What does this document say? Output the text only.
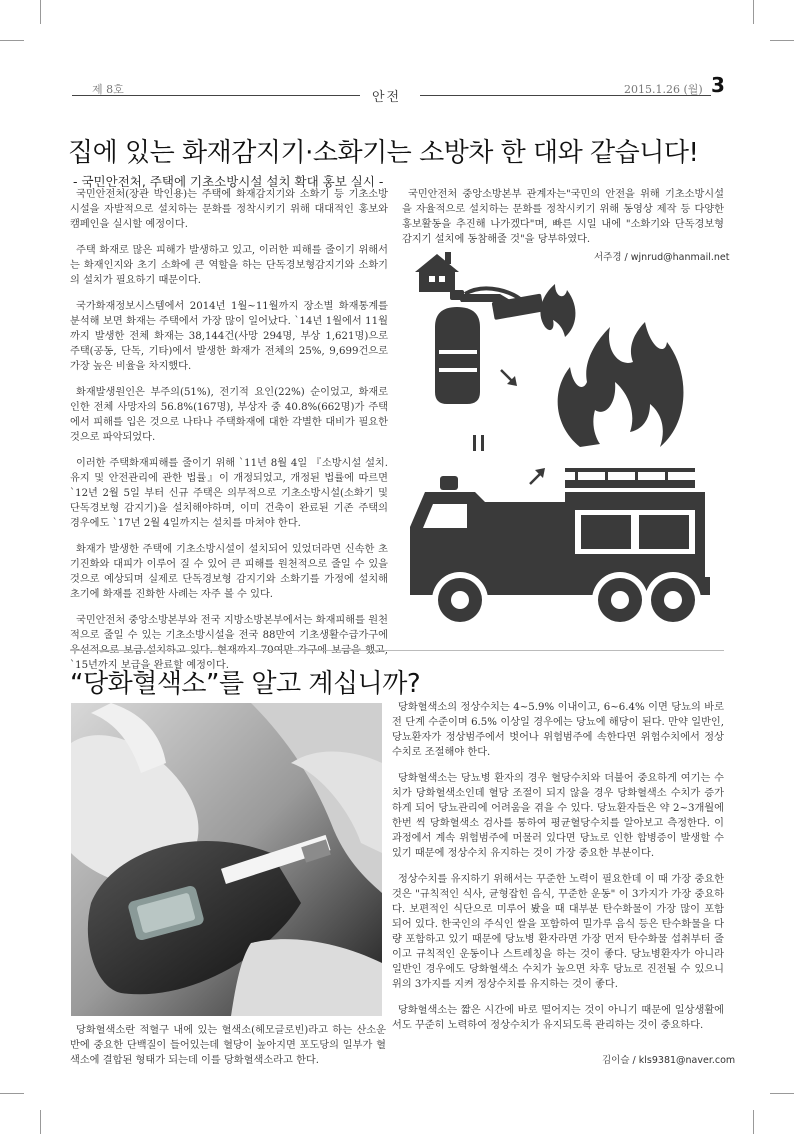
제 8호
안전
2015.1.26 (월) 3
집에 있는 화재감지기·소화기는 소방차 한 대와 같습니다!
- 국민안전처, 주택에 기초소방시설 설치 확대 홍보 실시 -

국민안전처(장관 박인용)는 주택에 화재감지기와 소화기 등 기초소방시설을 자발적으로 설치하는 문화를 정착시키기 위해 대대적인 홍보와 캠페인을 실시할 예정이다.

주택 화재로 많은 피해가 발생하고 있고, 이러한 피해를 줄이기 위해서는 화재인지와 초기 소화에 큰 역할을 하는 단독경보형감지기와 소화기의 설치가 필요하기 때문이다.

국가화재정보시스템에서 2014년 1월~11월까지 장소별 화재통계를 분석해 보면 화재는 주택에서 가장 많이 일어났다. `14년 1월에서 11월까지 발생한 전체 화재는 38,144건(사망 294명, 부상 1,621명)으로 주택(공동, 단독, 기타)에서 발생한 화재가 전체의 25%, 9,699건으로 가장 높은 비율을 차지했다.

화재발생원인은 부주의(51%), 전기적 요인(22%) 순이었고, 화재로 인한 전체 사망자의 56.8%(167명), 부상자 중 40.8%(662명)가 주택에서 피해를 입은 것으로 나타나 주택화재에 대한 각별한 대비가 필요한 것으로 파악되었다.

이러한 주택화재피해를 줄이기 위해 `11년 8월 4일 『소방시설 설치.유지 및 안전관리에 관한 법률』이 개정되었고, 개정된 법률에 따르면 `12년 2월 5일 부터 신규 주택은 의무적으로 기초소방시설(소화기 및 단독경보형 감지기)을 설치해야하며, 이미 건축이 완료된 기존 주택의 경우에도 `17년 2월 4일까지는 설치를 마쳐야 한다.

화재가 발생한 주택에 기초소방시설이 설치되어 있었더라면 신속한 초기진화와 대피가 이루어 질 수 있어 큰 피해를 원천적으로 줄일 수 있을 것으로 예상되며 실제로 단독경보형 감지기와 소화기를 가정에 설치해 초기에 화재를 진화한 사례는 자주 볼 수 있다.

국민안전처 중앙소방본부와 전국 지방소방본부에서는 화재피해를 원천적으로 줄일 수 있는 기초소방시설을 전국 88만여 기초생활수급가구에 `15년까지 보급을 완료할 예정이다.

국민안전처 중앙소방본부 관계자는"국민의 안전을 위해 기초소방시설을 자율적으로 설치하는 문화를 정착시키기 위해 동영상 제작 등 다양한 홍보활동을 추진해 나가겠다"며, 빠른 시일 내에 "소화기와 단독경보형 감지기 설치에 동참해줄 것"을 당부하였다.

서주경 / wjnrud@hanmail.net
“당화혈색소”를 알고 계십니까?
당화혈색소란 적혈구 내에 있는 혈색소(헤모글로빈)라고 하는 산소운반에 중요한 단백질이 들어있는데 혈당이 높아지면 포도당의 일부가 혈색소에 결합된 형태가 되는데 이를 당화혈색소라고 한다.

당화혈색소의 정상수치는 4~5.9% 이내이고, 6~6.4% 이면 당뇨의 바로 전 단계 수준이며 6.5% 이상일 경우에는 당뇨에 해당이 된다. 만약 일반인, 당뇨환자가 정상범주에서 벗어나 위험범주에 속한다면 위험수치에서 정상수치로 조절해야 한다.

당화혈색소는 당뇨병 환자의 경우 혈당수치와 더불어 중요하게 여기는 수치가 당화혈색소인데 혈당 조절이 되지 않을 경우 당화혈색소 수치가 증가하게 되어 당뇨관리에 어려움을 겪을 수 있다. 당뇨환자들은 약 2~3개월에 한번 씩 당화혈색소 검사를 통하여 평균혈당수치를 알아보고 측정한다. 이 과정에서 계속 위험범주에 머물러 있다면 당뇨로 인한 합병증이 발생할 수 있기 때문에 정상수치 유지하는 것이 가장 중요한 부분이다.

정상수치를 유지하기 위해서는 꾸준한 노력이 필요한데 이 때 가장 중요한 것은 "규칙적인 식사, 균형잡힌 음식, 꾸준한 운동" 이 3가지가 가장 중요하다. 보편적인 식단으로 미루어 봤을 때 대부분 탄수화물이 가장 많이 포함 되어 있다. 한국인의 주식인 쌀을 포함하여 밀가루 음식 등은 탄수화물을 다량 포함하고 있기 때문에 당뇨병 환자라면 가장 먼저 탄수화물 섭취부터 줄이고 규칙적인 운동이나 스트레칭을 하는 것이 좋다. 당뇨병환자가 아니라 일반인 경우에도 당화혈색소 수치가 높으면 차후 당뇨로 진전될 수 있으니 위의 3가지를 지켜 정상수치를 유지하는 것이 좋다.

당화혈색소는 짧은 시간에 바로 떨어지는 것이 아니기 때문에 일상생활에서도 꾸준히 노력하여 정상수치가 유지되도록 관리하는 것이 중요하다.

김이슬 / kls9381@naver.com
